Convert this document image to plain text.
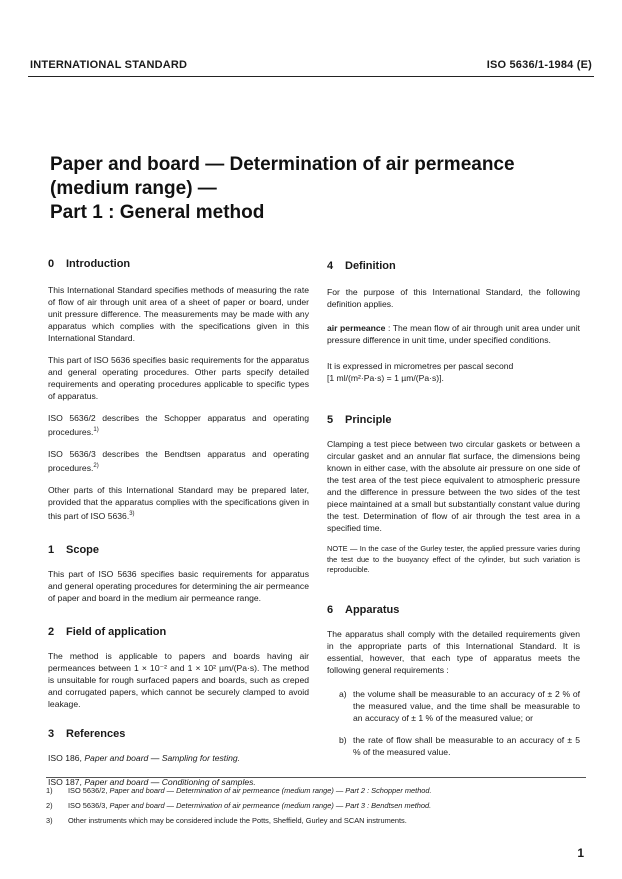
INTERNATIONAL STANDARD	ISO 5636/1-1984 (E)
Paper and board — Determination of air permeance
(medium range) —
Part 1 : General method
0 Introduction

This International Standard specifies methods of measuring the rate of flow of air through unit area of a sheet of paper or board, under unit pressure difference. The measurements may be made with any apparatus which complies with the specifications given in this International Standard.

This part of ISO 5636 specifies basic requirements for the apparatus and general operating procedures. Other parts specify detailed requirements and operating procedures applicable to specific types of apparatus.

ISO 5636/2 describes the Schopper apparatus and operating procedures.$^{1)}$

ISO 5636/3 describes the Bendtsen apparatus and operating procedures.$^{2)}$

Other parts of this International Standard may be prepared later, provided that the apparatus complies with the specifications given in this part of ISO 5636.$^{3)}$

1 Scope

This part of ISO 5636 specifies basic requirements for apparatus and general operating procedures for determining the air permeance of paper and board in the medium air permeance range.

2 Field of application

The method is applicable to papers and boards having air permeances between 1 × 10⁻² and 1 × 10² µm/(Pa·s). The method is unsuitable for rough surfaced papers and boards, such as creped and corrugated papers, which cannot be securely clamped to avoid leakage.

3 References

ISO 186, Paper and board — Sampling for testing.

ISO 187, Paper and board — Conditioning of samples.

4 Definition

For the purpose of this International Standard, the following definition applies.

air permeance : The mean flow of air through unit area under unit pressure difference in unit time, under specified conditions.

It is expressed in micrometres per pascal second

[1 ml/(m²·Pa·s) = 1 µm/(Pa·s)].

5 Principle

Clamping a test piece between two circular gaskets or between a circular gasket and an annular flat surface, the dimensions being known in either case, with the absolute air pressure on one side of the test area of the test piece equivalent to atmospheric pressure and the difference in pressure between the two sides of the test piece maintained at a small but substantially constant value during the test. Determination of flow of air through the test area in a specified time.

NOTE — In the case of the Gurley tester, the applied pressure varies during the test due to the buoyancy effect of the cylinder, but such variation is reproducible.

6 Apparatus

The apparatus shall comply with the detailed requirements given in the appropriate parts of this International Standard. It is essential, however, that each type of apparatus meets the following general requirements :

a) the volume shall be measurable to an accuracy of ± 2 % of the measured value, and the time shall be measurable to an accuracy of ± 1 % of the measured value; or

b) the rate of flow shall be measurable to an accuracy of ± 5 % of the measured value.

1) ISO 5636/2, Paper and board — Determination of air permeance (medium range) — Part 2 : Schopper method.
2) ISO 5636/3, Paper and board — Determination of air permeance (medium range) — Part 3 : Bendtsen method.
3) Other instruments which may be considered include the Potts, Sheffield, Gurley and SCAN instruments.
1
